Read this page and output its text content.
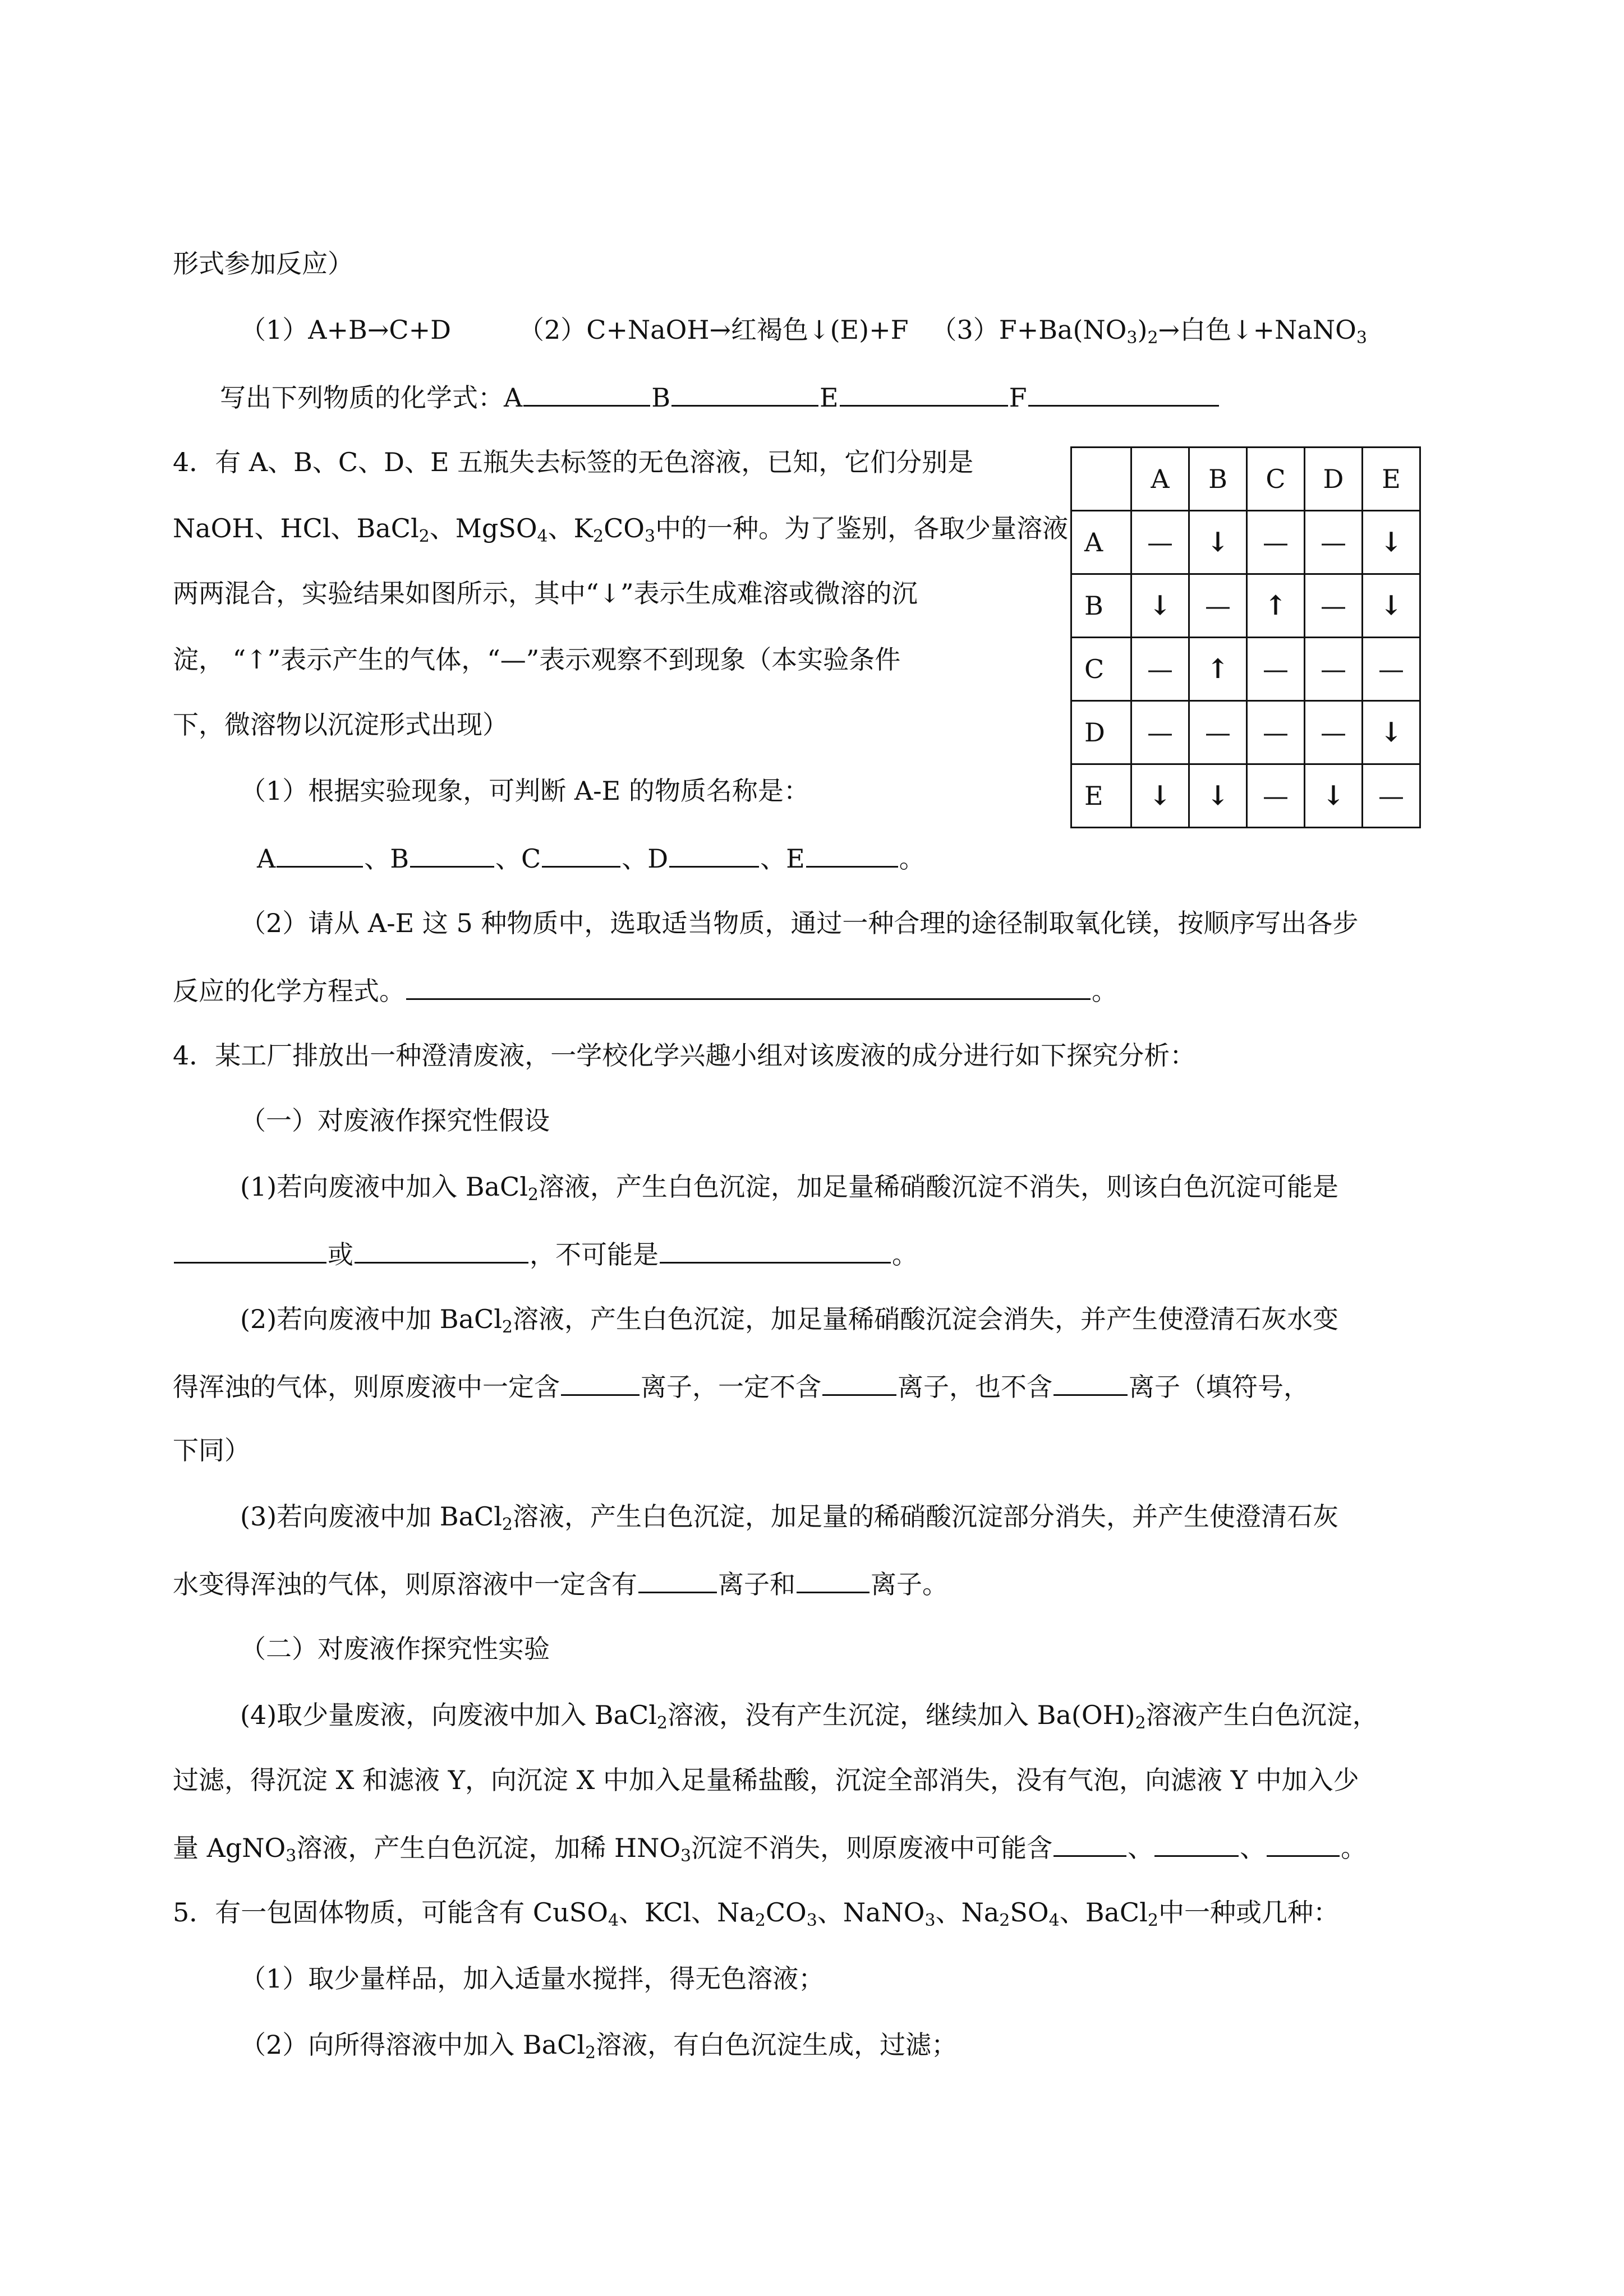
形式参加反应）
（1）A+B→C+D	（2）C+NaOH→红褐色↓(E)+F $(3)F+Ba(NO_3)_2\to$白色↓+NaNO$_3$
写出下列物质的化学式：A	B	E	F
4．有 A、B、C、D、E 五瓶失去标签的无色溶液，已知，它们分别是
NaOH、HCl、BaCl$_2$、MgSO$_4$、$K_2CO_3$中的一种。为了鉴别，各取少量溶液
两两混合，实验结果如图所示，其中“↓”表示生成难溶或微溶的沉
淀， “↑”表示产生的气体，“—”表示观察不到现象（本实验条件
下，微溶物以沉淀形式出现）
（1）根据实验现象，可判断 A-E 的物质名称是：
A	、B	、C	、D	、E	。
	A	B	C	D	E
A	—	↓	—	—	↓
B	↓	—	↑	—	↓
C	—	↑	—	—	—
D	—	—	—	—	↓
E	↓	↓	—	↓	—
（2）请从 A-E 这 5 种物质中，选取适当物质，通过一种合理的途径制取氧化镁，按顺序写出各步
反应的化学方程式。	。
4．某工厂排放出一种澄清废液，一学校化学兴趣小组对该废液的成分进行如下探究分析：
（一）对废液作探究性假设
(1)若向废液中加入 BaCl$_2$溶液，产生白色沉淀，加足量稀硝酸沉淀不消失，则该白色沉淀可能是
或	，不可能是	。
(2)若向废液中加 BaCl$_2$溶液，产生白色沉淀，加足量稀硝酸沉淀会消失，并产生使澄清石灰水变
得浑浊的气体，则原废液中一定含	离子，一定不含	离子，也不含	离子（填符号，
下同）
(3)若向废液中加 BaCl$_2$溶液，产生白色沉淀，加足量的稀硝酸沉淀部分消失，并产生使澄清石灰
水变得浑浊的气体，则原溶液中一定含有	离子和	离子。
（二）对废液作探究性实验
(4)取少量废液，向废液中加入 BaCl$_2$溶液，没有产生沉淀，继续加入 $Ba(OH)_2$溶液产生白色沉淀，
过滤，得沉淀 X 和滤液 Y，向沉淀 X 中加入足量稀盐酸，沉淀全部消失，没有气泡，向滤液 Y 中加入少
量 AgNO$_3$溶液，产生白色沉淀，加稀 $HNO_3$沉淀不消失，则原废液中可能含	、	、	。
5．有一包固体物质，可能含有 CuSO$_4$、KCl、$Na_2CO_3$、NaNO$_3$、$Na_2SO_4$、BaCl$_2$中一种或几种：
（1）取少量样品，加入适量水搅拌，得无色溶液；
（2）向所得溶液中加入 BaCl$_2$溶液，有白色沉淀生成，过滤；
